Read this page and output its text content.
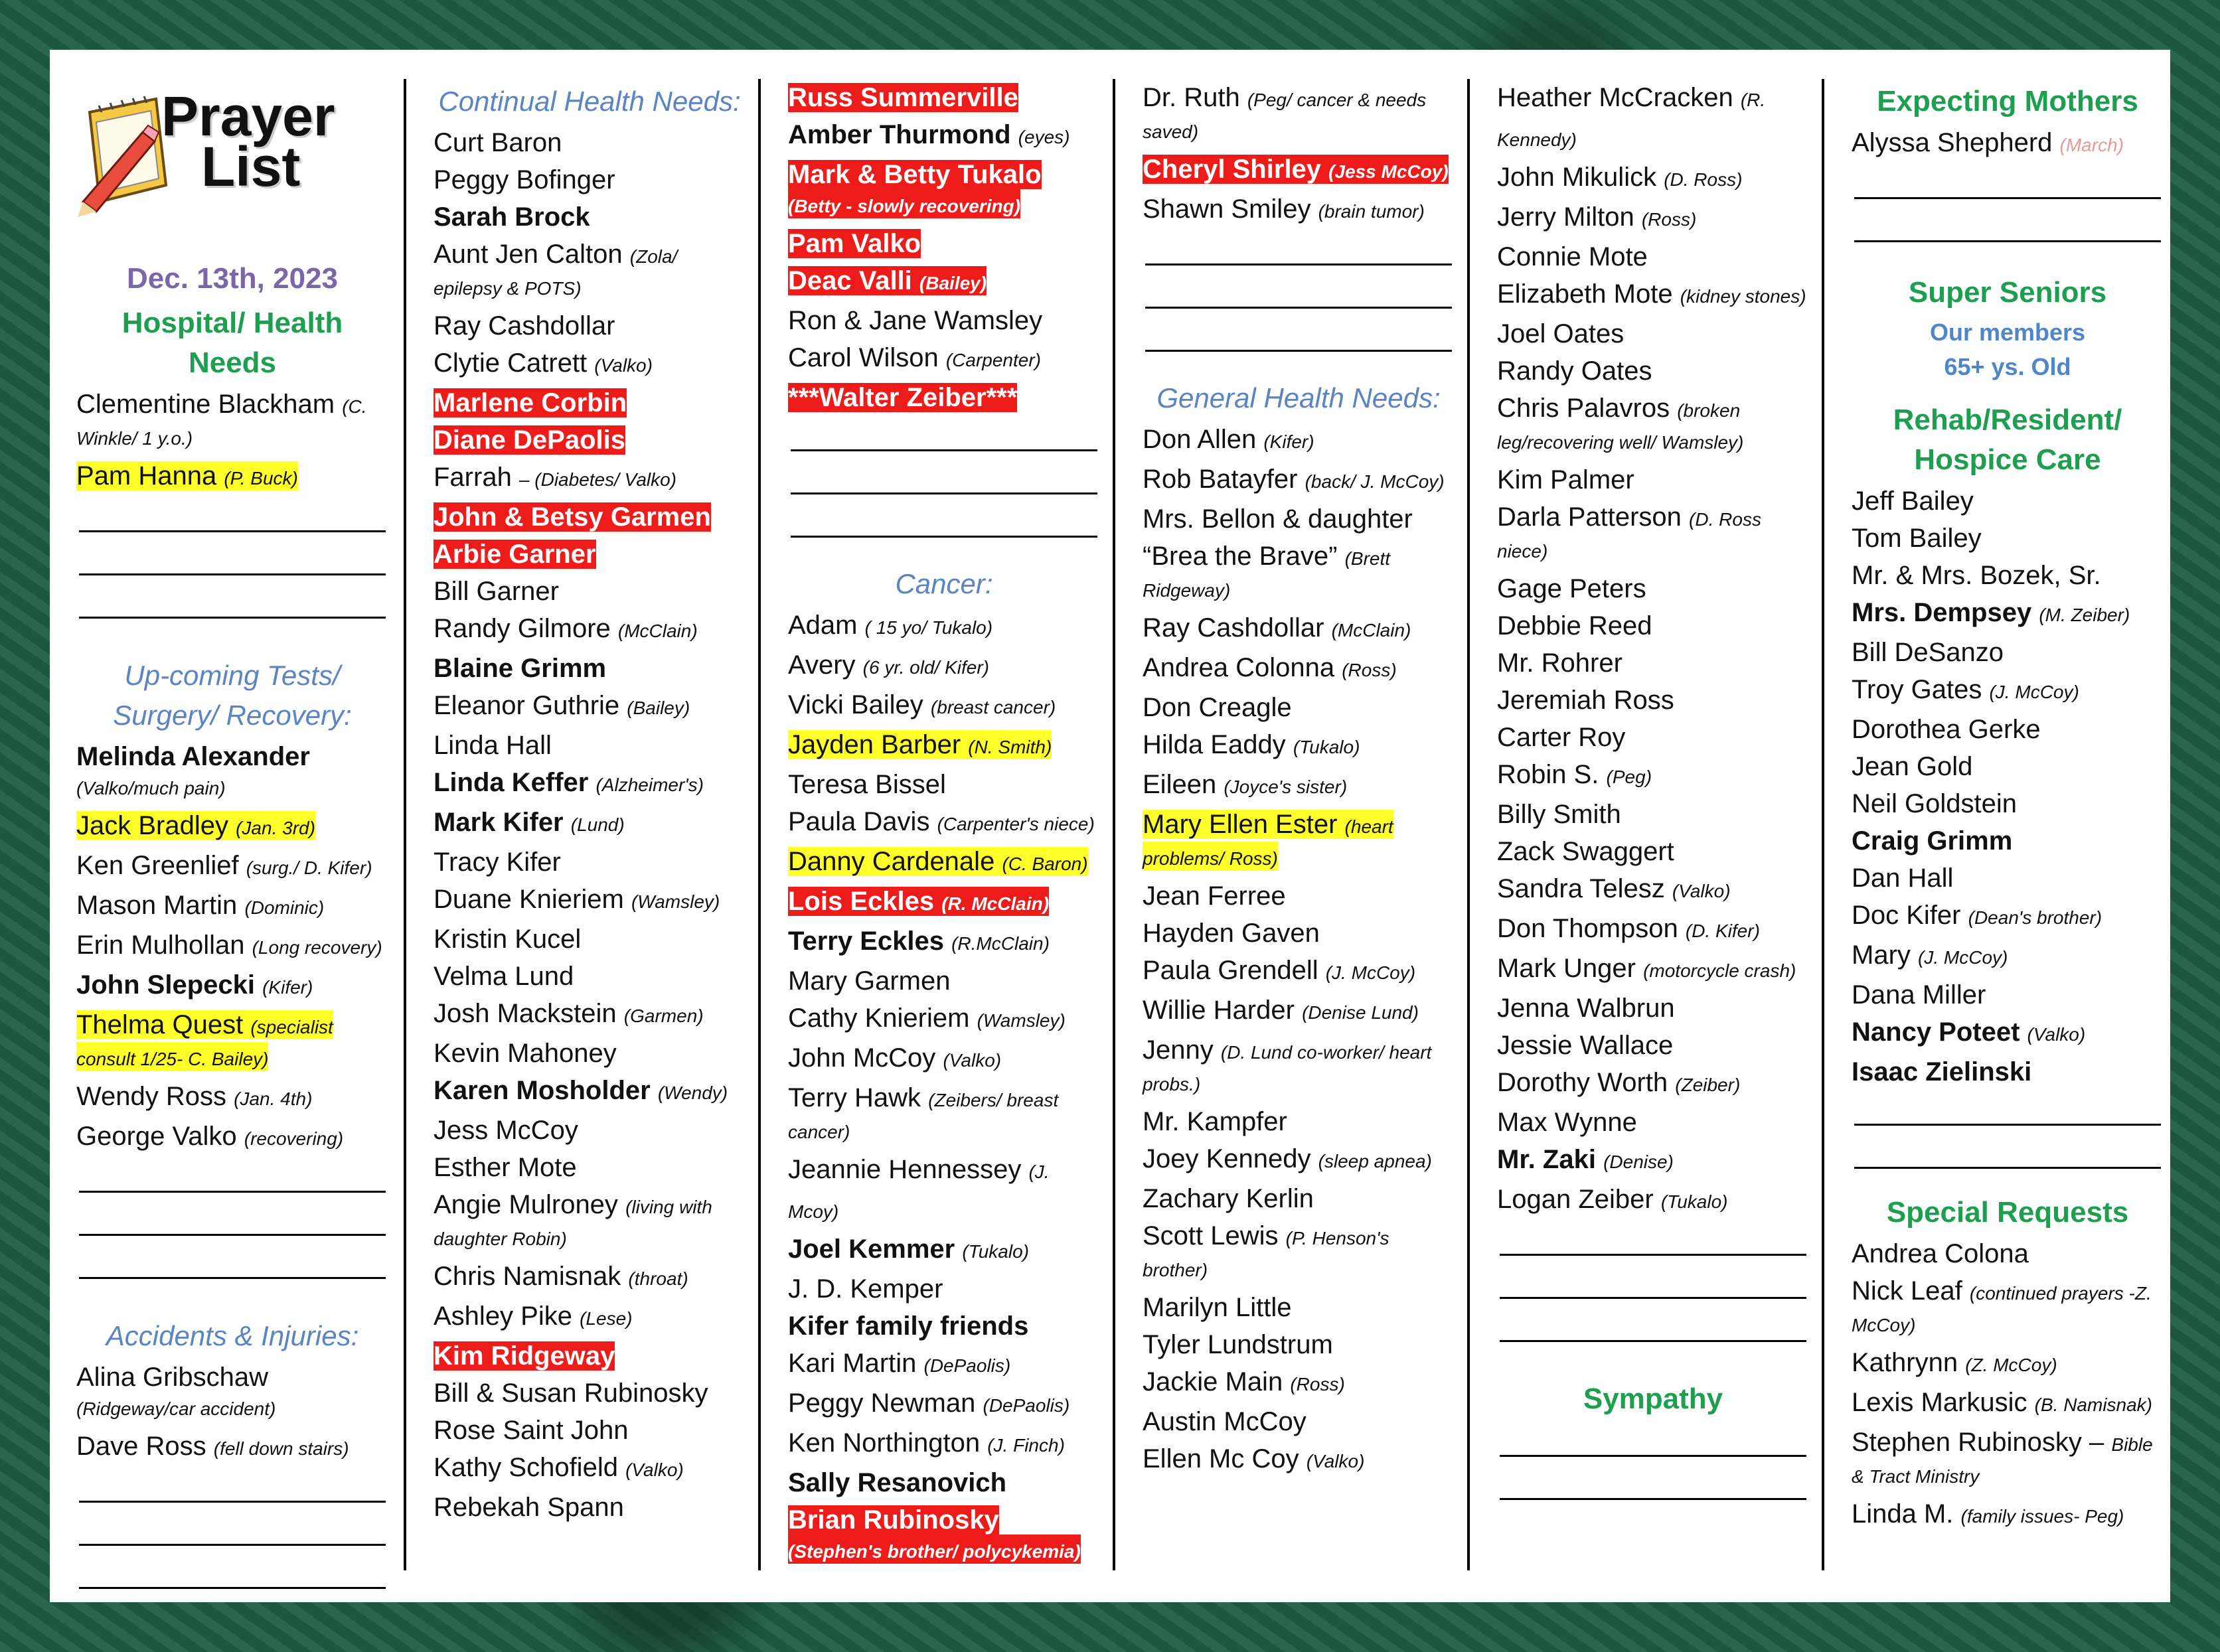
Prayer
List
Dec. 13th, 2023
Hospital/ Health Needs
Clementine Blackham (C. Winkle/ 1 y.o.)
Pam Hanna (P. Buck)
Up-coming Tests/ Surgery/ Recovery:
Melinda Alexander (Valko/much pain)
Jack Bradley (Jan. 3rd)
Ken Greenlief (surg./ D. Kifer)
Mason Martin (Dominic)
Erin Mulhollan (Long recovery)
John Slepecki (Kifer)
Thelma Quest (specialist consult 1/25- C. Bailey)
Wendy Ross (Jan. 4th)
George Valko (recovering)
Accidents & Injuries:
Alina Gribschaw (Ridgeway/car accident)
Dave Ross (fell down stairs)
Continual Health Needs:
Curt Baron
Peggy Bofinger
Sarah Brock
Aunt Jen Calton (Zola/ epilepsy & POTS)
Ray Cashdollar
Clytie Catrett (Valko)
Marlene Corbin
Diane DePaolis
Farrah – (Diabetes/ Valko)
John & Betsy Garmen
Arbie Garner
Bill Garner
Randy Gilmore (McClain)
Blaine Grimm
Eleanor Guthrie (Bailey)
Linda Hall
Linda Keffer (Alzheimer's)
Mark Kifer (Lund)
Tracy Kifer
Duane Knieriem (Wamsley)
Kristin Kucel
Velma Lund
Josh Mackstein (Garmen)
Kevin Mahoney
Karen Mosholder (Wendy)
Jess McCoy
Esther Mote
Angie Mulroney (living with daughter Robin)
Chris Namisnak (throat)
Ashley Pike (Lese)
Kim Ridgeway
Bill & Susan Rubinosky
Rose Saint John
Kathy Schofield (Valko)
Rebekah Spann
Russ Summerville
Amber Thurmond (eyes)
Mark & Betty Tukalo (Betty - slowly recovering)
Pam Valko
Deac Valli (Bailey)
Ron & Jane Wamsley
Carol Wilson (Carpenter)
***Walter Zeiber***
Cancer:
Adam ( 15 yo/ Tukalo)
Avery (6 yr. old/ Kifer)
Vicki Bailey (breast cancer)
Jayden Barber (N. Smith)
Teresa Bissel
Paula Davis (Carpenter's niece)
Danny Cardenale (C. Baron)
Lois Eckles (R. McClain)
Terry Eckles (R.McClain)
Mary Garmen
Cathy Knieriem (Wamsley)
John McCoy (Valko)
Terry Hawk (Zeibers/ breast cancer)
Jeannie Hennessey (J. Mcoy)
Joel Kemmer (Tukalo)
J. D. Kemper
Kifer family friends
Kari Martin (DePaolis)
Peggy Newman (DePaolis)
Ken Northington (J. Finch)
Sally Resanovich
Brian Rubinosky (Stephen's brother/ polycykemia)
Dr. Ruth (Peg/ cancer & needs saved)
Cheryl Shirley (Jess McCoy)
Shawn Smiley (brain tumor)
General Health Needs:
Don Allen (Kifer)
Rob Batayfer (back/ J. McCoy)
Mrs. Bellon & daughter
“Brea the Brave” (Brett Ridgeway)
Ray Cashdollar (McClain)
Andrea Colonna (Ross)
Don Creagle
Hilda Eaddy (Tukalo)
Eileen (Joyce's sister)
Mary Ellen Ester (heart problems/ Ross)
Jean Ferree
Hayden Gaven
Paula Grendell (J. McCoy)
Willie Harder (Denise Lund)
Jenny (D. Lund co-worker/ heart probs.)
Mr. Kampfer
Joey Kennedy (sleep apnea)
Zachary Kerlin
Scott Lewis (P. Henson's brother)
Marilyn Little
Tyler Lundstrum
Jackie Main (Ross)
Austin McCoy
Ellen Mc Coy (Valko)
Heather McCracken (R. Kennedy)
John Mikulick (D. Ross)
Jerry Milton (Ross)
Connie Mote
Elizabeth Mote (kidney stones)
Joel Oates
Randy Oates
Chris Palavros (broken leg/recovering well/ Wamsley)
Kim Palmer
Darla Patterson (D. Ross niece)
Gage Peters
Debbie Reed
Mr. Rohrer
Jeremiah Ross
Carter Roy
Robin S. (Peg)
Billy Smith
Zack Swaggert
Sandra Telesz (Valko)
Don Thompson (D. Kifer)
Mark Unger (motorcycle crash)
Jenna Walbrun
Jessie Wallace
Dorothy Worth (Zeiber)
Max Wynne
Mr. Zaki (Denise)
Logan Zeiber (Tukalo)
Sympathy
Expecting Mothers
Alyssa Shepherd (March)
Super Seniors
Our members
65+ ys. Old
Rehab/Resident/ Hospice Care
Jeff Bailey
Tom Bailey
Mr. & Mrs. Bozek, Sr.
Mrs. Dempsey (M. Zeiber)
Bill DeSanzo
Troy Gates (J. McCoy)
Dorothea Gerke
Jean Gold
Neil Goldstein
Craig Grimm
Dan Hall
Doc Kifer (Dean's brother)
Mary (J. McCoy)
Dana Miller
Nancy Poteet (Valko)
Isaac Zielinski
Special Requests
Andrea Colona
Nick Leaf (continued prayers -Z. McCoy)
Kathrynn (Z. McCoy)
Lexis Markusic (B. Namisnak)
Stephen Rubinosky – Bible & Tract Ministry
Linda M. (family issues- Peg)
